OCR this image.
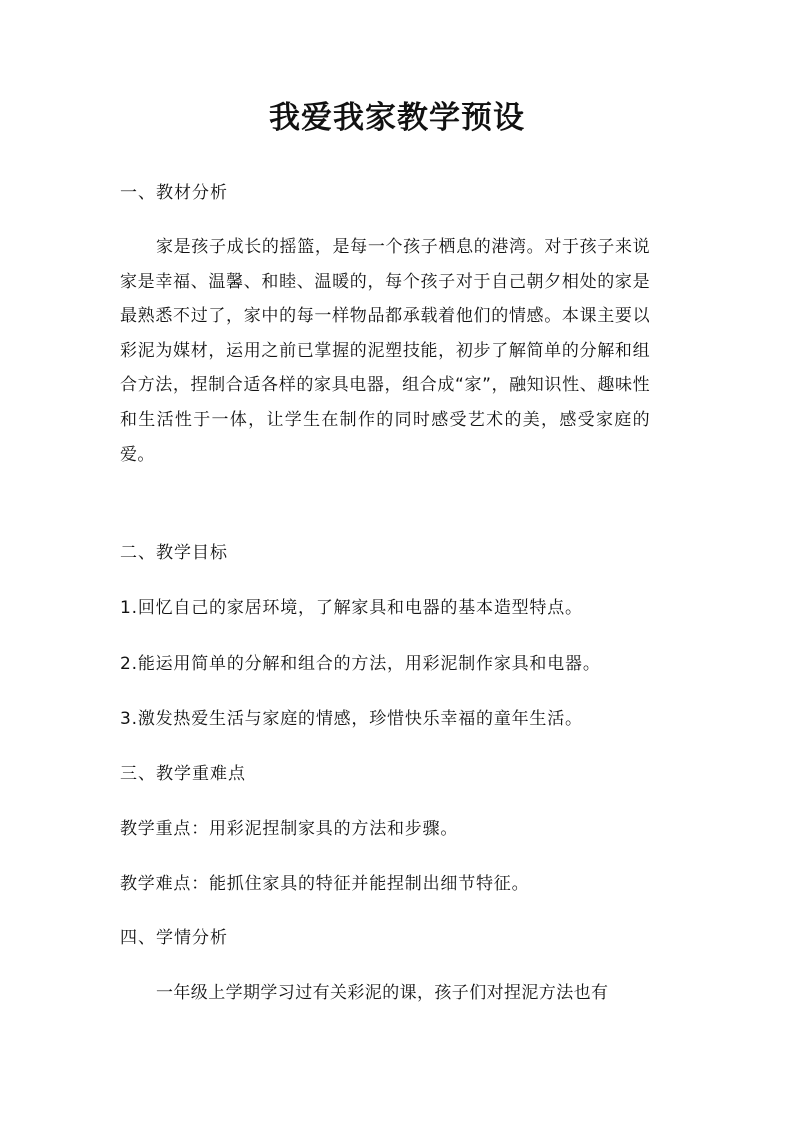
我爱我家教学预设
一、教材分析
家是孩子成长的摇篮，是每一个孩子栖息的港湾。对于孩子来说家是幸福、温馨、和睦、温暖的，每个孩子对于自己朝夕相处的家是最熟悉不过了，家中的每一样物品都承载着他们的情感。本课主要以彩泥为媒材，运用之前已掌握的泥塑技能，初步了解简单的分解和组合方法，捏制合适各样的家具电器，组合成“家”，融知识性、趣味性和生活性于一体，让学生在制作的同时感受艺术的美，感受家庭的爱。
二、教学目标
1.回忆自己的家居环境，了解家具和电器的基本造型特点。
2.能运用简单的分解和组合的方法，用彩泥制作家具和电器。
3.激发热爱生活与家庭的情感，珍惜快乐幸福的童年生活。
三、教学重难点
教学重点：用彩泥捏制家具的方法和步骤。
教学难点：能抓住家具的特征并能捏制出细节特征。
四、学情分析
一年级上学期学习过有关彩泥的课，孩子们对捏泥方法也有
